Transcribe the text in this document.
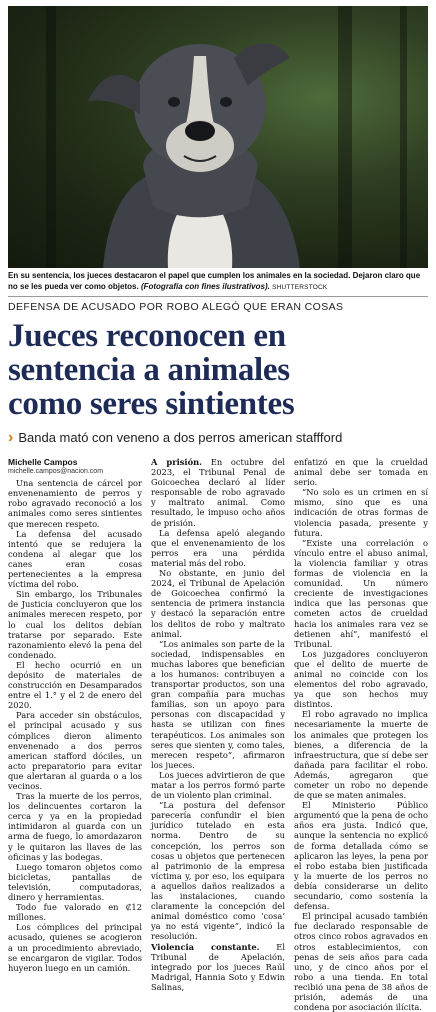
En su sentencia, los jueces destacaron el papel que cumplen los animales en la sociedad. Dejaron claro que no se les pueda ver como objetos. (Fotografía con fines ilustrativos). SHUTTERSTOCK

DEFENSA DE ACUSADO POR ROBO ALEGÓ QUE ERAN COSAS
Jueces reconocen en
sentencia a animales
como seres sintientes
› Banda mató con veneno a dos perros american staffford
Michelle Campos
michelle.campos@nacion.com

Una sentencia de cárcel por envenenamiento de perros y robo agravado reconoció a los animales como seres sintientes que merecen respeto.

La defensa del acusado intentó que se redujera la condena al alegar que los canes eran cosas pertenecientes a la empresa víctima del robo.

Sin embargo, los Tribunales de Justicia concluyeron que los animales merecen respeto, por lo cual los delitos debían tratarse por separado. Este razonamiento elevó la pena del condenado.

El hecho ocurrió en un depósito de materiales de construcción en Desamparados entre el 1.° y el 2 de enero del 2020.

Para acceder sin obstáculos, el principal acusado y sus cómplices dieron alimento envenenado a dos perros american stafford dóciles, un acto preparatorio para evitar que alertaran al guarda o a los vecinos.

Tras la muerte de los perros, los delincuentes cortaron la cerca y ya en la propiedad intimidaron al guarda con un arma de fuego, lo amordazaron y le quitaron las llaves de las oficinas y las bodegas.

Luego tomaron objetos como bicicletas, pantallas de televisión, computadoras, dinero y herramientas.

Todo fue valorado en ₡12 millones.

Los cómplices del principal acusado, quienes se acogieron a un procedimiento abreviado, se encargaron de vigilar. Todos huyeron luego en un camión.

A prisión. En octubre del 2023, el Tribunal Penal de Goicoechea declaró al líder responsable de robo agravado y maltrato animal. Como resultado, le impuso ocho años de prisión.

La defensa apeló alegando que el envenenamiento de los perros era una pérdida material más del robo.

No obstante, en junio del 2024, el Tribunal de Apelación de Goicoechea confirmó la sentencia de primera instancia y destacó la separación entre los delitos de robo y maltrato animal.

“Los animales son parte de la sociedad, indispensables en muchas labores que benefician a los humanos: contribuyen a transportar productos, son una gran compañía para muchas familias, son un apoyo para personas con discapacidad y hasta se utilizan con fines terapéuticos. Los animales son seres que sienten y, como tales, merecen respeto”, afirmaron los jueces.

Los jueces advirtieron de que matar a los perros formó parte de un violento plan criminal.

“La postura del defensor parecería confundir el bien jurídico tutelado en esta norma. Dentro de su concepción, los perros son cosas u objetos que pertenecen al patrimonio de la empresa víctima y, por eso, los equipara a aquellos daños realizados a las instalaciones, cuando claramente la concepción del animal doméstico como ‘cosa’ ya no está vigente”, indicó la resolución.

Violencia constante. El Tribunal de Apelación, integrado por los jueces Raúl Madrigal, Hannia Soto y Edwin Salinas,

enfatizó en que la crueldad animal debe ser tomada en serio.

“No solo es un crimen en sí mismo, sino que es una indicación de otras formas de violencia pasada, presente y futura.

”Existe una correlación o vínculo entre el abuso animal, la violencia familiar y otras formas de violencia en la comunidad. Un número creciente de investigaciones indica que las personas que cometen actos de crueldad hacia los animales rara vez se detienen ahí”, manifestó el Tribunal.

Los juzgadores concluyeron que el delito de muerte de animal no coincide con los elementos del robo agravado, ya que son hechos muy distintos.

El robo agravado no implica necesariamente la muerte de los animales que protegen los bienes, a diferencia de la infraestructura, que sí debe ser dañada para facilitar el robo. Además, agregaron que cometer un robo no depende de que se maten animales.

El Ministerio Público argumentó que la pena de ocho años era justa. Indicó que, aunque la sentencia no explicó de forma detallada cómo se aplicaron las leyes, la pena por el robo estaba bien justificada y la muerte de los perros no debía considerarse un delito secundario, como sostenía la defensa.

El principal acusado también fue declarado responsable de otros cinco robos agravados en otros establecimientos, con penas de seis años para cada uno, y de cinco años por el robo a una tienda. En total recibió una pena de 38 años de prisión, además de una condena por asociación ilícita.
